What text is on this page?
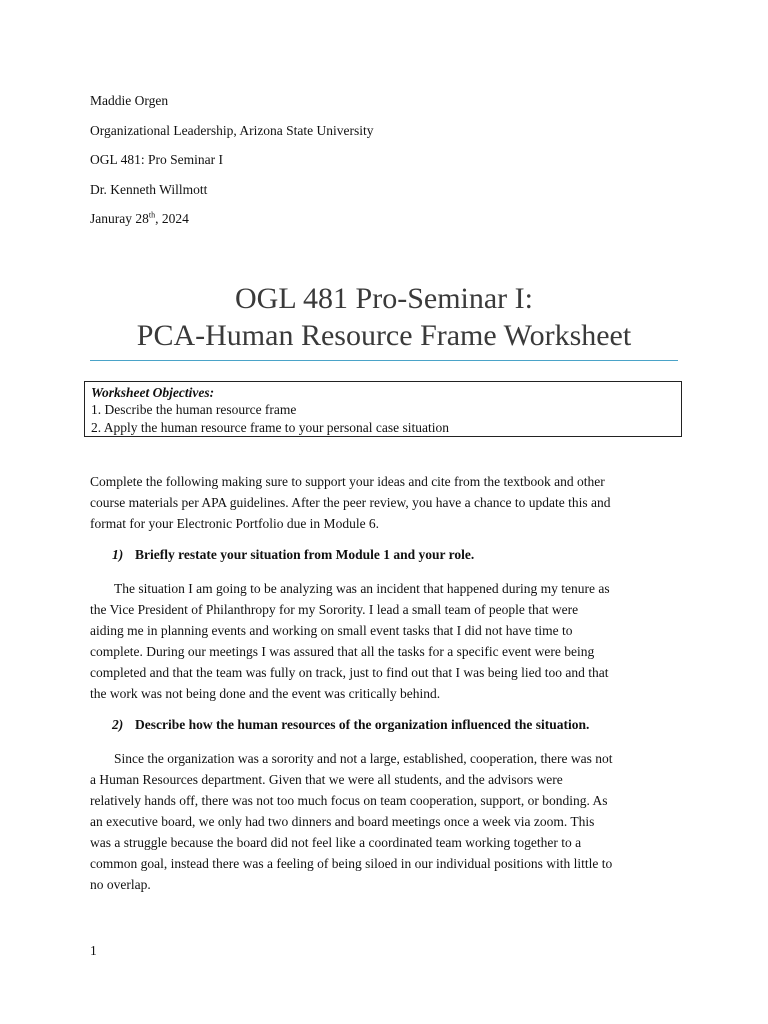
Maddie Orgen
Organizational Leadership, Arizona State University
OGL 481: Pro Seminar I
Dr. Kenneth Willmott
Januray 28th, 2024
OGL 481 Pro-Seminar I:
PCA-Human Resource Frame Worksheet
Worksheet Objectives:
1. Describe the human resource frame
2. Apply the human resource frame to your personal case situation
Complete the following making sure to support your ideas and cite from the textbook and other
course materials per APA guidelines. After the peer review, you have a chance to update this and
format for your Electronic Portfolio due in Module 6.
1) Briefly restate your situation from Module 1 and your role.
The situation I am going to be analyzing was an incident that happened during my tenure as
the Vice President of Philanthropy for my Sorority. I lead a small team of people that were
aiding me in planning events and working on small event tasks that I did not have time to
complete. During our meetings I was assured that all the tasks for a specific event were being
completed and that the team was fully on track, just to find out that I was being lied too and that
the work was not being done and the event was critically behind.
2) Describe how the human resources of the organization influenced the situation.
Since the organization was a sorority and not a large, established, cooperation, there was not
a Human Resources department. Given that we were all students, and the advisors were
relatively hands off, there was not too much focus on team cooperation, support, or bonding. As
an executive board, we only had two dinners and board meetings once a week via zoom. This
was a struggle because the board did not feel like a coordinated team working together to a
common goal, instead there was a feeling of being siloed in our individual positions with little to
no overlap.
1
